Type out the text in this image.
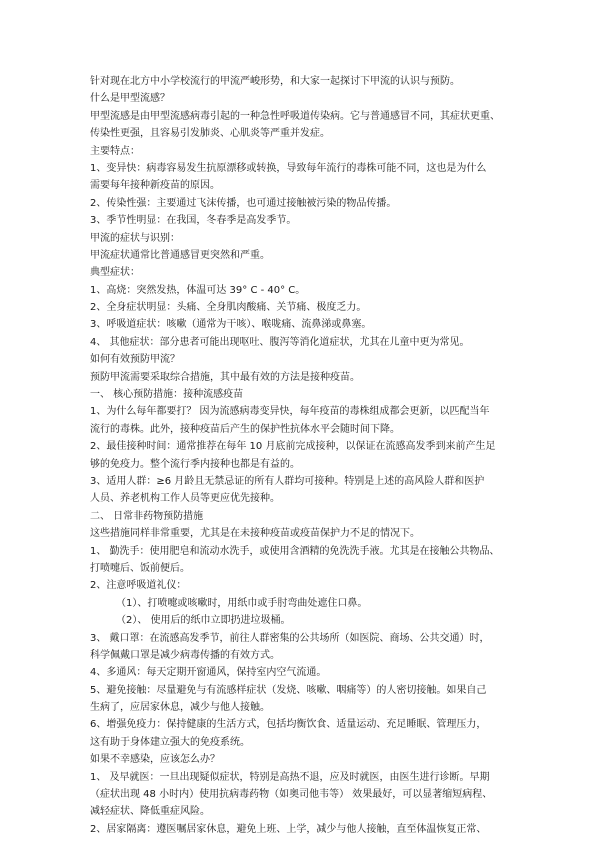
针对现在北方中小学校流行的甲流严峻形势，和大家一起探讨下甲流的认识与预防。
什么是甲型流感？
甲型流感是由甲型流感病毒引起的一种急性呼吸道传染病。它与普通感冒不同，其症状更重、
传染性更强，且容易引发肺炎、心肌炎等严重并发症。
主要特点：
1、变异快：病毒容易发生抗原漂移或转换，导致每年流行的毒株可能不同，这也是为什么
需要每年接种新疫苗的原因。
2、传染性强：主要通过飞沫传播，也可通过接触被污染的物品传播。
3、季节性明显：在我国，冬春季是高发季节。
甲流的症状与识别：
甲流症状通常比普通感冒更突然和严重。
典型症状：
1、高烧：突然发热，体温可达 39° C - 40° C。
2、全身症状明显：头痛、全身肌肉酸痛、关节痛、极度乏力。
3、呼吸道症状：咳嗽（通常为干咳）、喉咙痛、流鼻涕或鼻塞。
4、 其他症状：部分患者可能出现呕吐、腹泻等消化道症状，尤其在儿童中更为常见。
如何有效预防甲流？
预防甲流需要采取综合措施，其中最有效的方法是接种疫苗。
一、 核心预防措施：接种流感疫苗
1、为什么每年都要打？ 因为流感病毒变异快，每年疫苗的毒株组成都会更新，以匹配当年
流行的毒株。此外，接种疫苗后产生的保护性抗体水平会随时间下降。
2、最佳接种时间：通常推荐在每年 10 月底前完成接种，以保证在流感高发季到来前产生足
够的免疫力。整个流行季内接种也都是有益的。
3、适用人群：≥6 月龄且无禁忌证的所有人群均可接种。特别是上述的高风险人群和医护
人员、养老机构工作人员等更应优先接种。
二、 日常非药物预防措施
这些措施同样非常重要，尤其是在未接种疫苗或疫苗保护力不足的情况下。
1、 勤洗手：使用肥皂和流动水洗手，或使用含酒精的免洗洗手液。尤其是在接触公共物品、
打喷嚏后、饭前便后。
2、注意呼吸道礼仪：
（1）、打喷嚏或咳嗽时，用纸巾或手肘弯曲处遮住口鼻。
（2）、 使用后的纸巾立即扔进垃圾桶。
3、 戴口罩：在流感高发季节，前往人群密集的公共场所（如医院、商场、公共交通）时，
科学佩戴口罩是减少病毒传播的有效方式。
4、多通风：每天定期开窗通风，保持室内空气流通。
5、避免接触：尽量避免与有流感样症状（发烧、咳嗽、咽痛等）的人密切接触。如果自己
生病了，应居家休息，减少与他人接触。
6、增强免疫力：保持健康的生活方式，包括均衡饮食、适量运动、充足睡眠、管理压力，
这有助于身体建立强大的免疫系统。
如果不幸感染，应该怎么办？
1、 及早就医：一旦出现疑似症状，特别是高热不退，应及时就医，由医生进行诊断。早期
（症状出现 48 小时内）使用抗病毒药物（如奥司他韦等） 效果最好，可以显著缩短病程、
减轻症状、降低重症风险。
2、居家隔离：遵医嘱居家休息，避免上班、上学，减少与他人接触，直至体温恢复正常、
